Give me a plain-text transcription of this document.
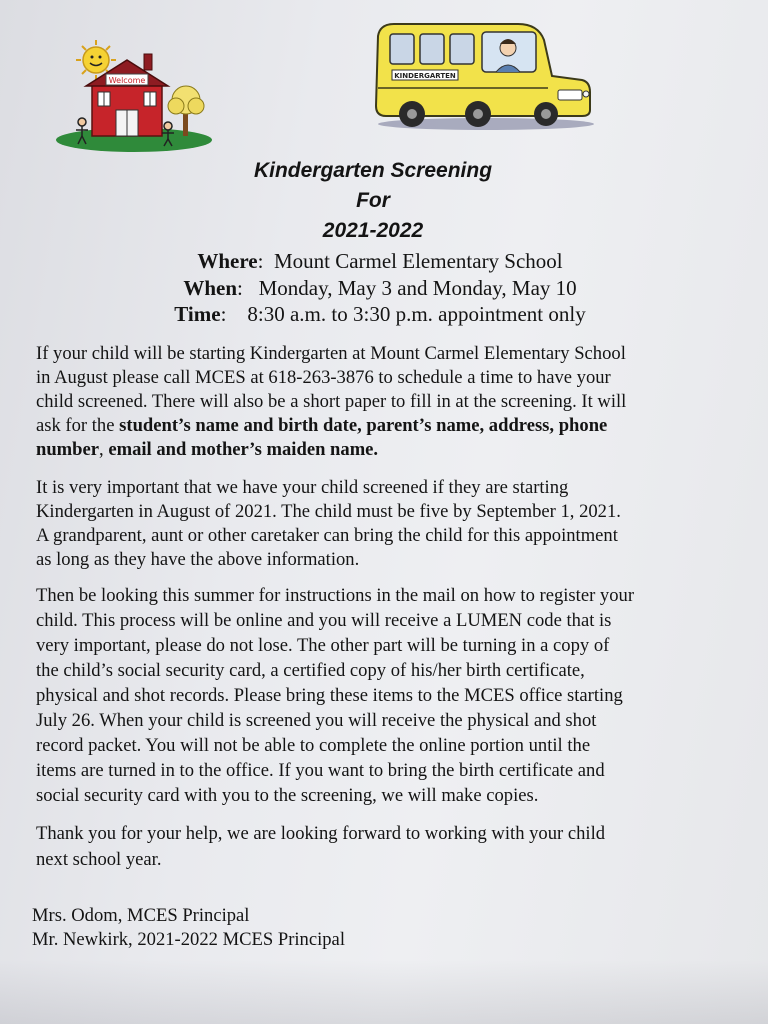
Welcome	KINDERGARTEN
Kindergarten Screening
For
2021-2022
Where:  Mount Carmel Elementary School
When:   Monday, May 3 and Monday, May 10
Time:    8:30 a.m. to 3:30 p.m. appointment only
If your child will be starting Kindergarten at Mount Carmel Elementary School
in August please call MCES at 618-263-3876 to schedule a time to have your
child screened. There will also be a short paper to fill in at the screening. It will
ask for the student’s name and birth date, parent’s name, address, phone
number, email and mother’s maiden name.
It is very important that we have your child screened if they are starting
Kindergarten in August of 2021. The child must be five by September 1, 2021.
A grandparent, aunt or other caretaker can bring the child for this appointment
as long as they have the above information.
Then be looking this summer for instructions in the mail on how to register your
child. This process will be online and you will receive a LUMEN code that is
very important, please do not lose. The other part will be turning in a copy of
the child’s social security card, a certified copy of his/her birth certificate,
physical and shot records. Please bring these items to the MCES office starting
July 26. When your child is screened you will receive the physical and shot
record packet. You will not be able to complete the online portion until the
items are turned in to the office. If you want to bring the birth certificate and
social security card with you to the screening, we will make copies.
Thank you for your help, we are looking forward to working with your child
next school year.
Mrs. Odom, MCES Principal
Mr. Newkirk, 2021-2022 MCES Principal
